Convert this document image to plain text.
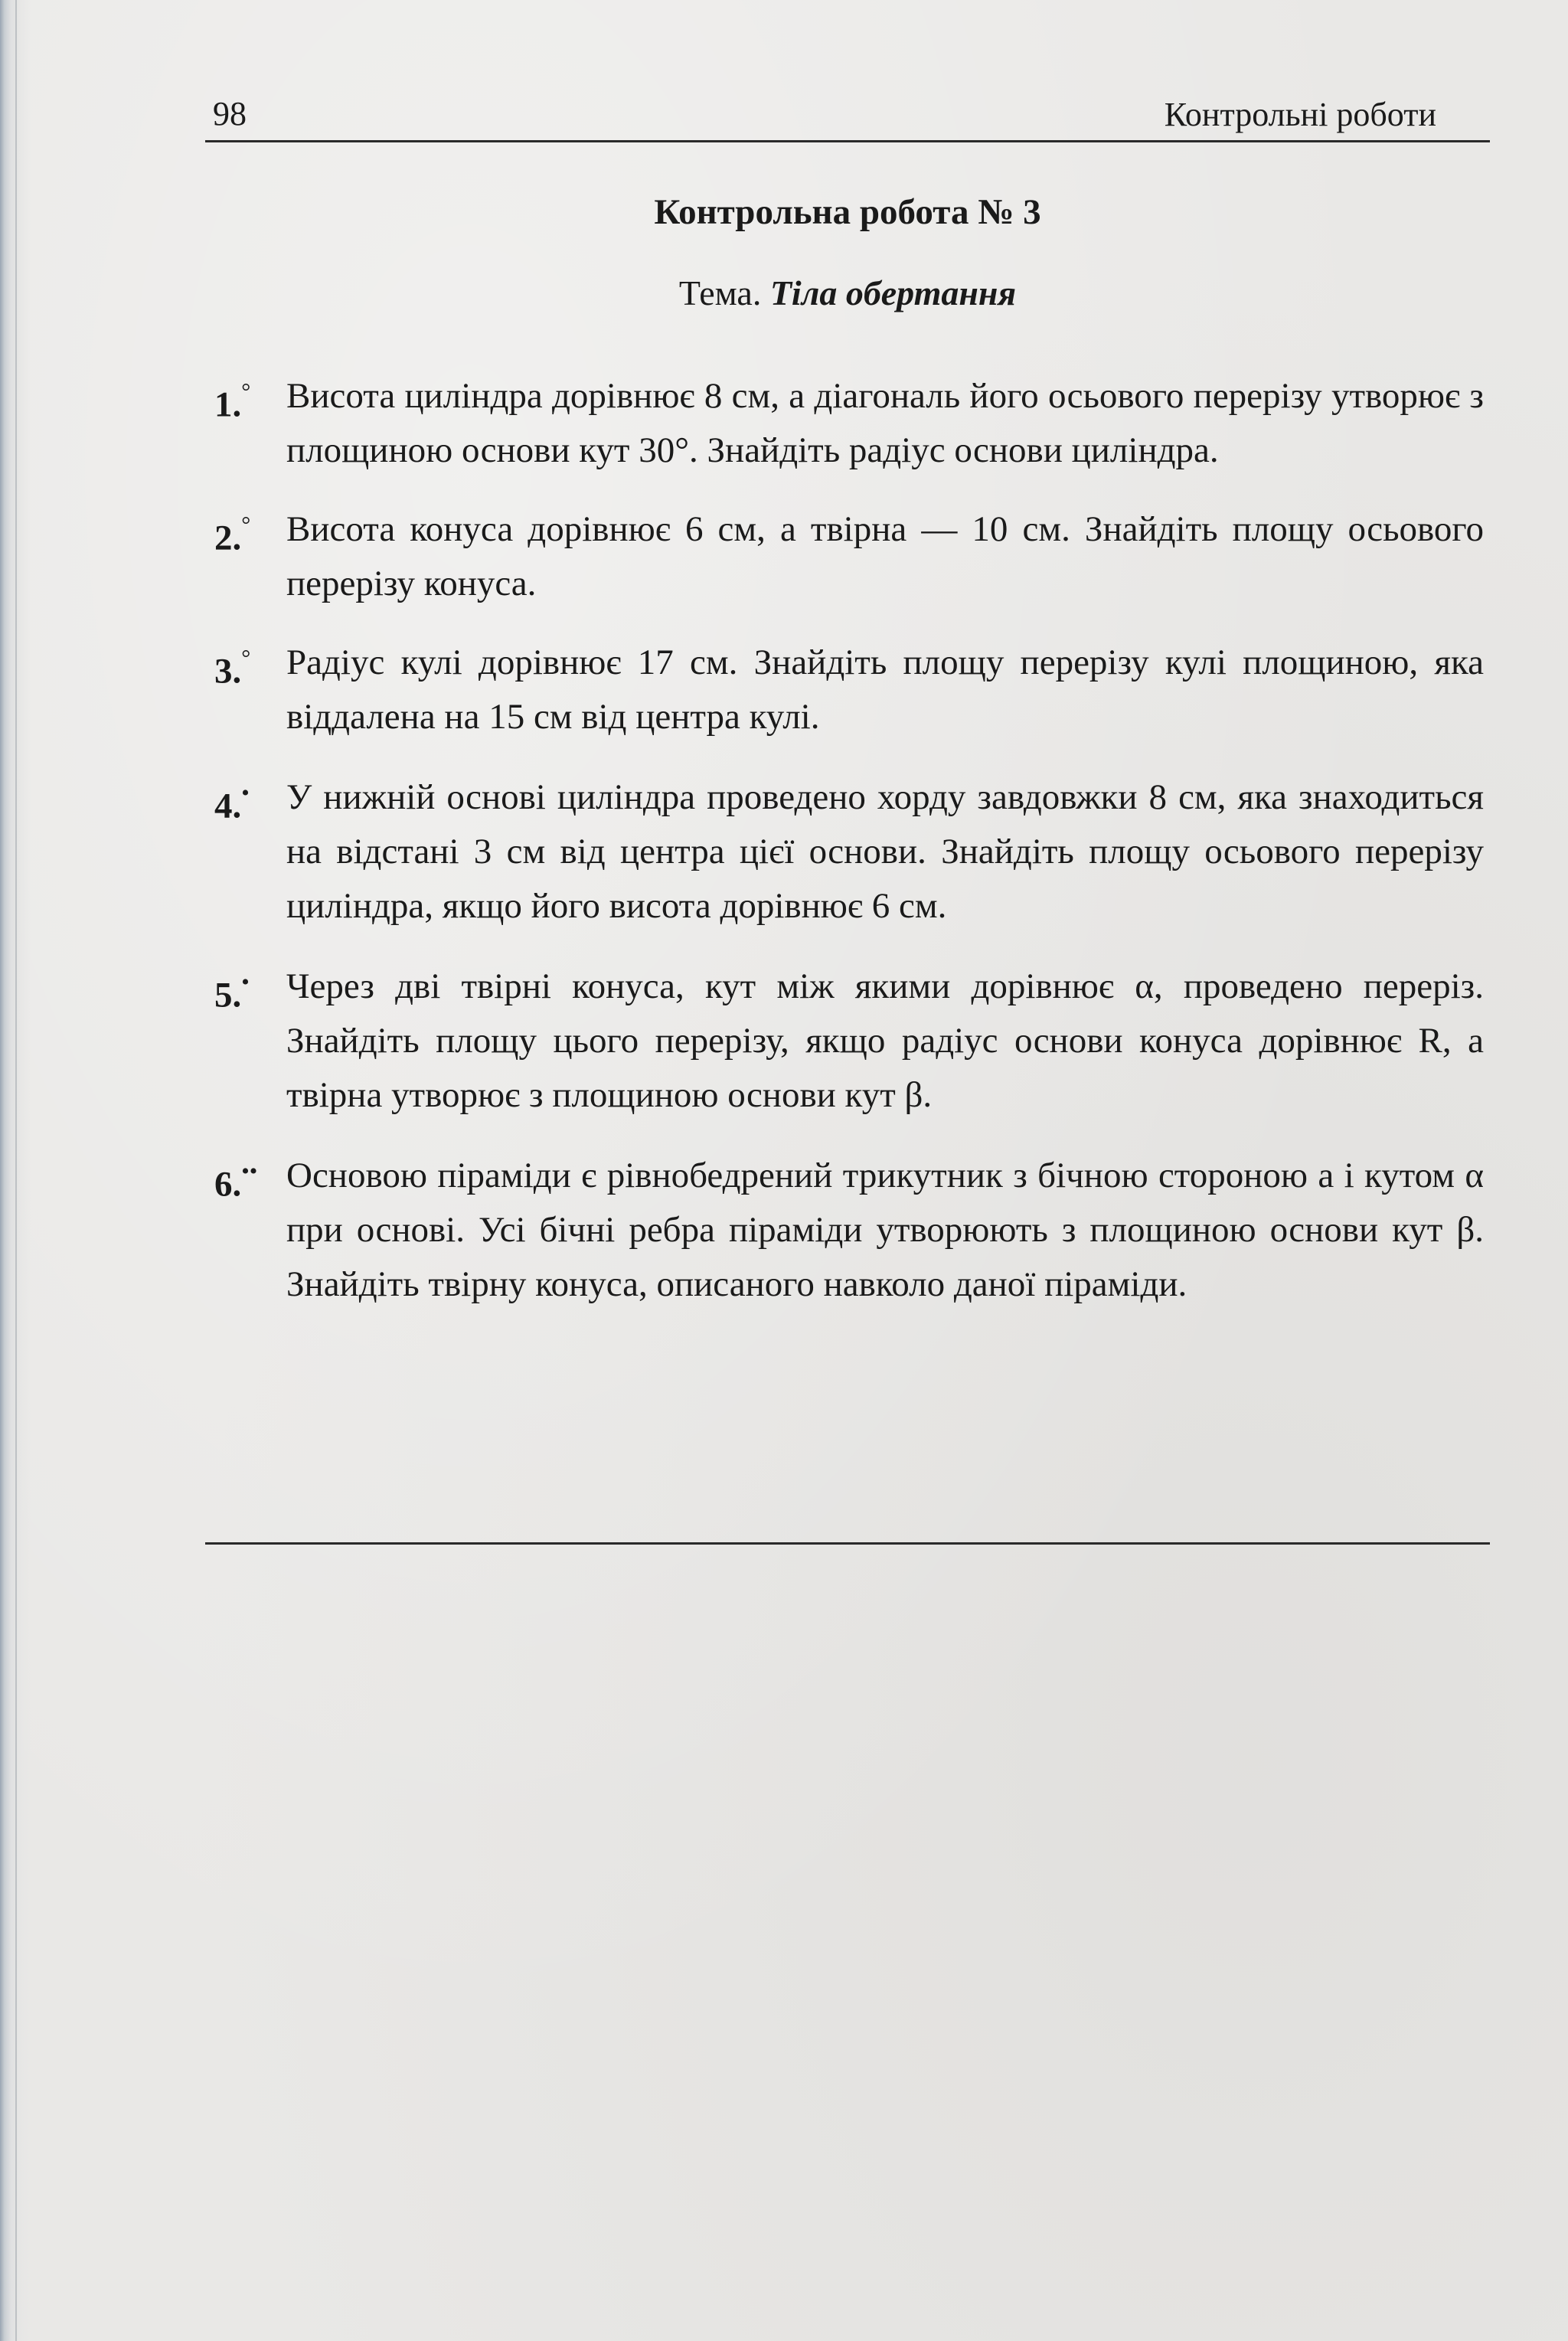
98	Контрольні роботи
Контрольна робота № 3
Тема. Тіла обертання

1.° Висота циліндра дорівнює 8 см, а діагональ його осьового перерізу утворює з площиною основи кут 30°. Знайдіть радіус основи циліндра.

2.° Висота конуса дорівнює 6 см, а твірна — 10 см. Знайдіть площу осьового перерізу конуса.

3.° Радіус кулі дорівнює 17 см. Знайдіть площу перерізу кулі площиною, яка віддалена на 15 см від центра кулі.

4.•	У нижній основі циліндра проведено хорду завдовжки 8 см, яка знаходиться на відстані 3 см від центра цієї основи. Знайдіть площу осьового перерізу циліндра, якщо його висота дорівнює 6 см.

5.•	Через дві твірні конуса, кут між якими дорівнює α, проведено переріз. Знайдіть площу цього перерізу, якщо радіус основи конуса дорівнює R, а твірна утворює з площиною основи кут β.

6.•• Основою піраміди є рівнобедрений трикутник з бічною стороною a і кутом α при основі. Усі бічні ребра піраміди утворюють з площиною основи кут β. Знайдіть твірну конуса, описаного навколо даної піраміди.
